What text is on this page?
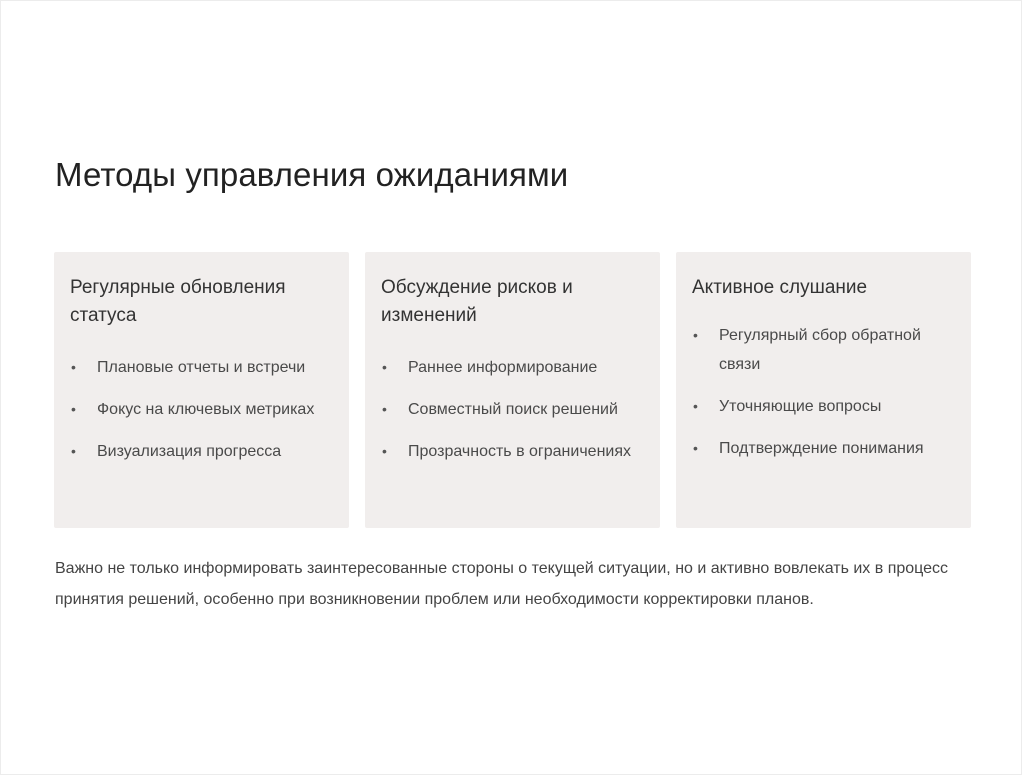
Методы управления ожиданиями
Регулярные обновления статуса
• Плановые отчеты и встречи
• Фокус на ключевых метриках
• Визуализация прогресса
Обсуждение рисков и изменений
• Раннее информирование
• Совместный поиск решений
• Прозрачность в ограничениях
Активное слушание
• Регулярный сбор обратной связи
• Уточняющие вопросы
• Подтверждение понимания

Важно не только информировать заинтересованные стороны о текущей ситуации, но и активно вовлекать их в процесс принятия решений, особенно при возникновении проблем или необходимости корректировки планов.
